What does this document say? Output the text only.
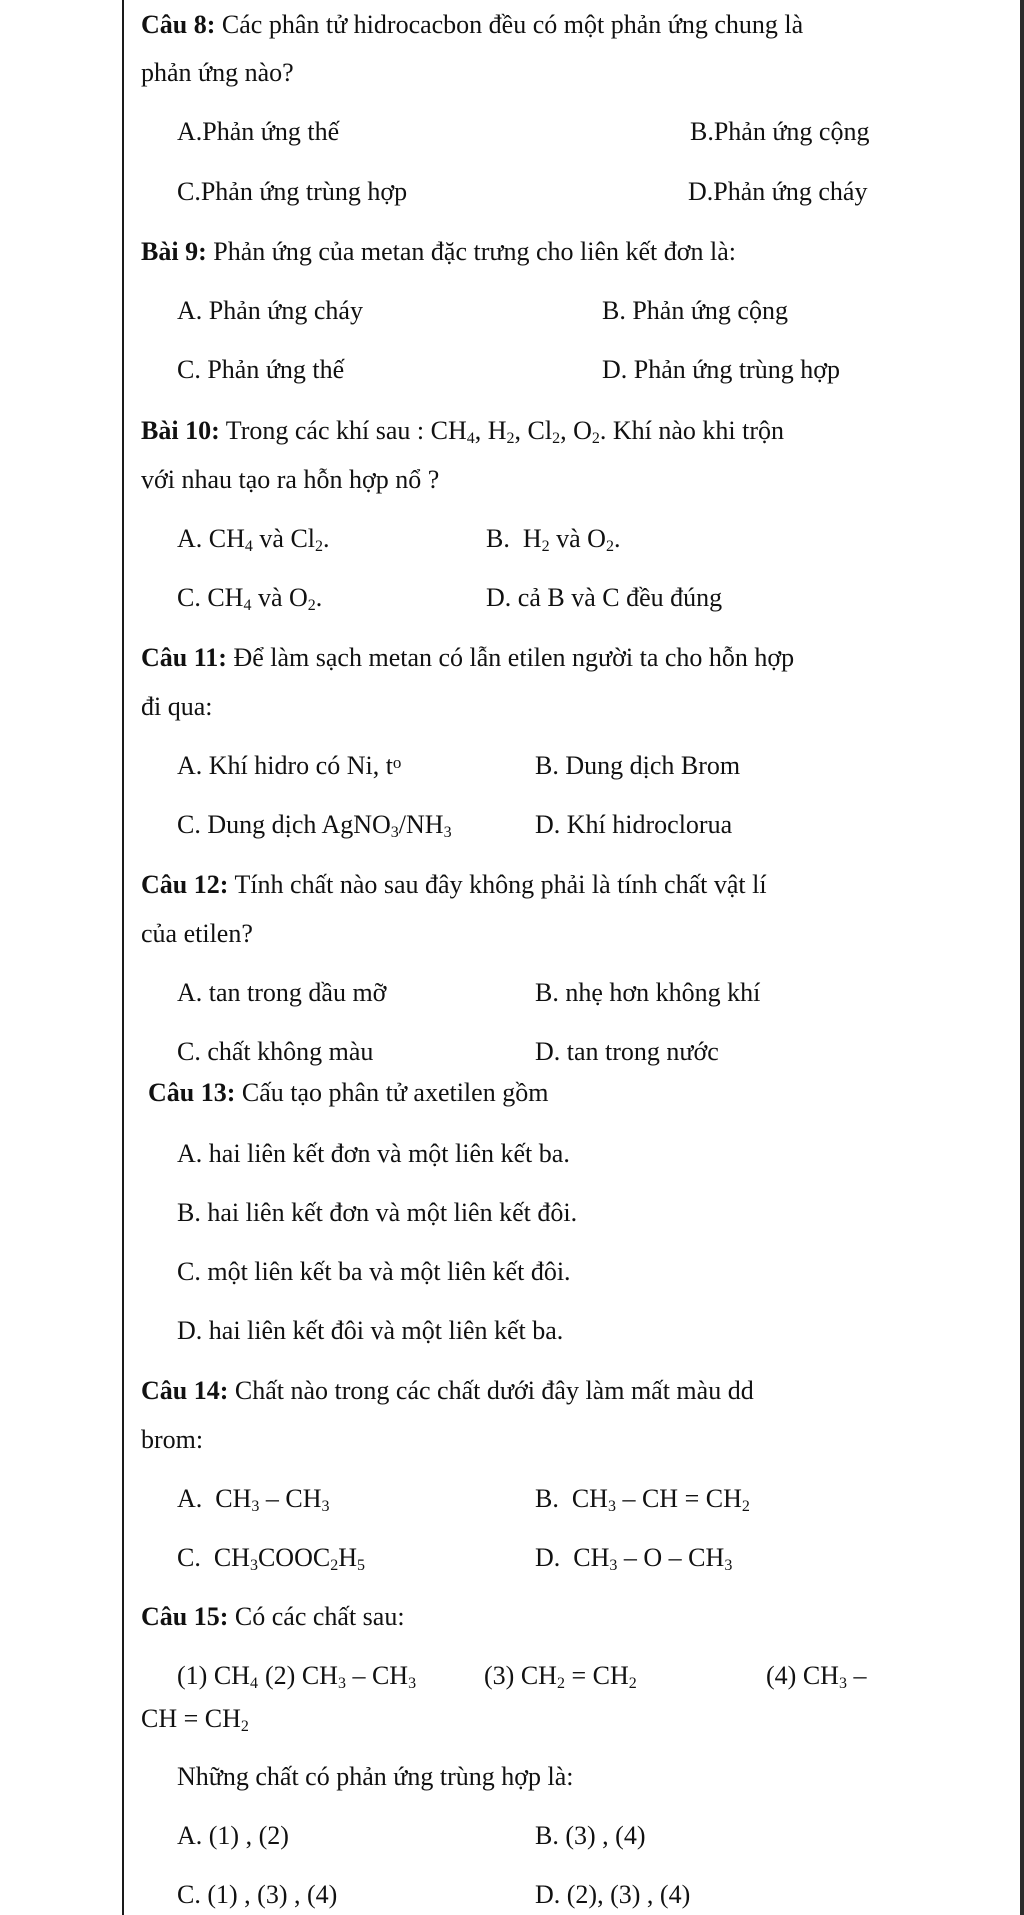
Câu 8: Các phân tử hidrocacbon đều có một phản ứng chung là
phản ứng nào?
A.Phản ứng thế	B.Phản ứng cộng
C.Phản ứng trùng hợp	D.Phản ứng cháy
Bài 9: Phản ứng của metan đặc trưng cho liên kết đơn là:
A. Phản ứng cháy	B. Phản ứng cộng
C. Phản ứng thế	D. Phản ứng trùng hợp
Bài 10: Trong các khí sau : $CH_4$, $H_2$, $Cl_2$, $O_2$. Khí nào khi trộn
với nhau tạo ra hỗn hợp nổ ?
A. $CH_4$ và $Cl_2$.	B.  $H_2$ và $O_2$.
C. $CH_4$ và $O_2$.	D. cả B và C đều đúng
Câu 11: Để làm sạch metan có lẫn etilen người ta cho hỗn hợp
đi qua:
A. Khí hidro có Ni, $t^o$	B. Dung dịch Brom
C. Dung dịch $AgNO_3/NH_3$	D. Khí hidroclorua
Câu 12: Tính chất nào sau đây không phải là tính chất vật lí
của etilen?
A. tan trong dầu mỡ	B. nhẹ hơn không khí
C. chất không màu	D. tan trong nước
Câu 13: Cấu tạo phân tử axetilen gồm
A. hai liên kết đơn và một liên kết ba.
B. hai liên kết đơn và một liên kết đôi.
C. một liên kết ba và một liên kết đôi.
D. hai liên kết đôi và một liên kết ba.
Câu 14: Chất nào trong các chất dưới đây làm mất màu dd
brom:
A.  $CH_3 - CH_3$	B.  $CH_3$ – CH = $CH_2$
C.  $CH_3COOC_2H_5$	D.  $CH_3$ – O – $CH_3$
Câu 15: Có các chất sau:
(1) $CH_4$ (2) $CH_3 - CH_3$	(3) $CH_2 = CH_2$	(4) $CH_3$ –
CH = $CH_2$
Những chất có phản ứng trùng hợp là:
A. (1) , (2)	B. (3) , (4)
C. (1) , (3) , (4)	D. (2), (3) , (4)
